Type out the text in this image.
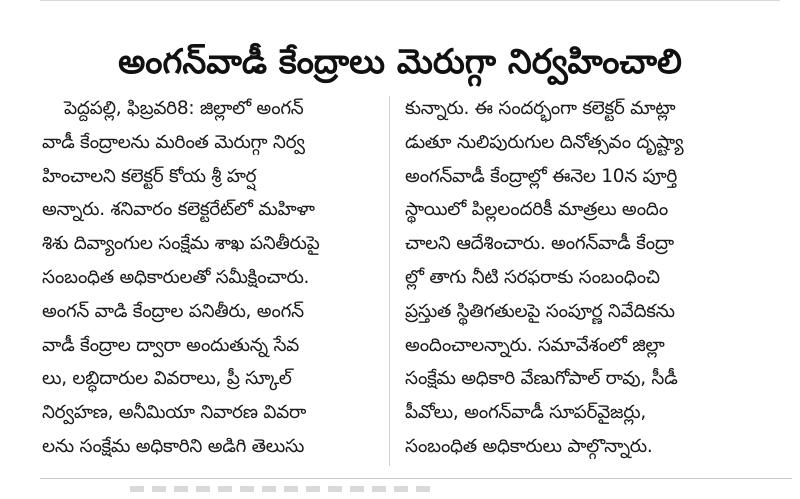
అంగన్‌వాడీ కేంద్రాలు మెరుగ్గా నిర్వహించాలి
పెద్దపల్లి, ఫిబ్రవరి8: జిల్లాలో అంగన్
వాడీ కేంద్రాలను మరింత మెరుగ్గా నిర్వ
హించాలని కలెక్టర్ కోయ శ్రీ హర్ష
అన్నారు. శనివారం కలెక్టరేట్‌లో మహిళా
శిశు దివ్యాంగుల సంక్షేమ శాఖ పనితీరుపై
సంబంధిత అధికారులతో సమీక్షించారు.
అంగన్ వాడి కేంద్రాల పనితీరు, అంగన్
వాడీ కేంద్రాల ద్వారా అందుతున్న సేవ
లు, లబ్ధిదారుల వివరాలు, ప్రీ స్కూల్
నిర్వహణ, అనీమియా నివారణ వివరా
లను సంక్షేమ అధికారిని అడిగి తెలుసు
కున్నారు. ఈ సందర్భంగా కలెక్టర్ మాట్లా
డుతూ నులిపురుగుల దినోత్సవం దృష్ట్యా
అంగన్‌వాడీ కేంద్రాల్లో ఈనెల 10న పూర్తి
స్థాయిలో పిల్లలందరికీ మాత్రలు అందిం
చాలని ఆదేశించారు. అంగన్‌వాడీ కేంద్రా
ల్లో తాగు నీటి సరఫరాకు సంబంధించి
ప్రస్తుత స్థితిగతులపై సంపూర్ణ నివేదికను
అందించాలన్నారు. సమావేశంలో జిల్లా
సంక్షేమ అధికారి వేణుగోపాల్ రావు, సీడీ
పీవోలు, అంగన్‌వాడీ సూపర్‌వైజర్లు,
సంబంధిత అధికారులు పాల్గొన్నారు.
